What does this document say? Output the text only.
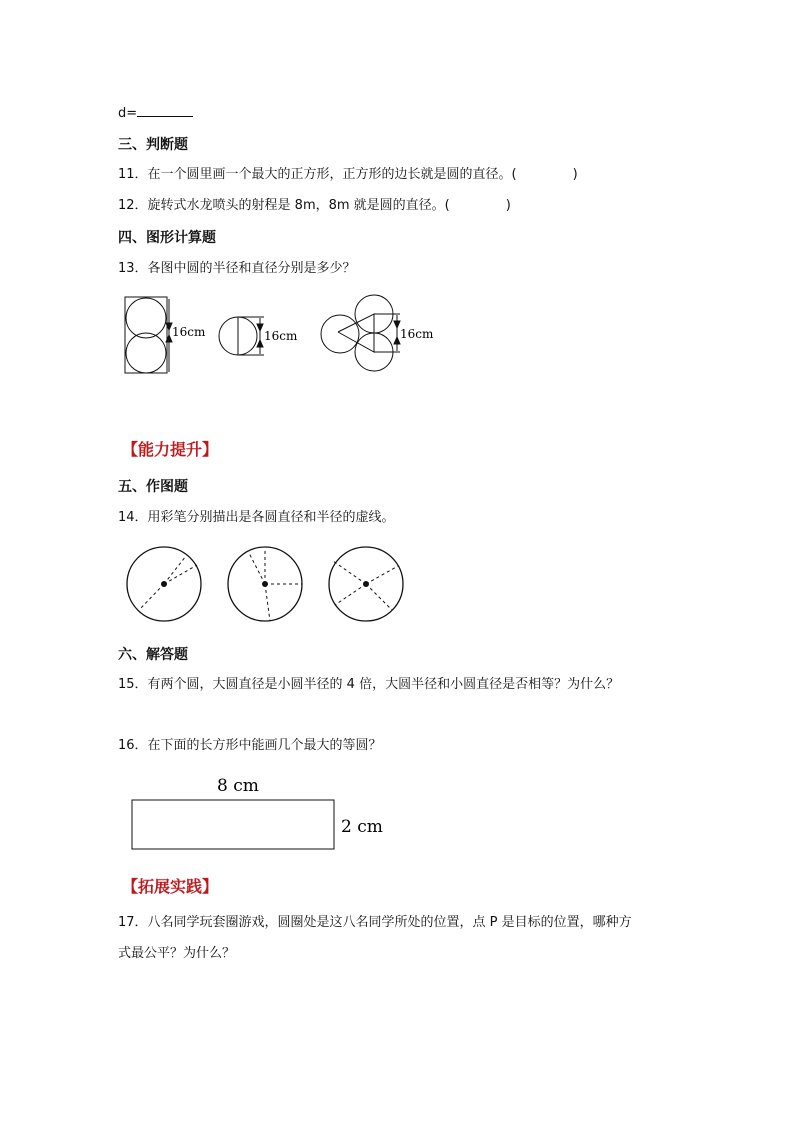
d=
三、判断题
11．在一个圆里画一个最大的正方形，正方形的边长就是圆的直径。(	)
12．旋转式水龙喷头的射程是 8m，8m 就是圆的直径。(	)
四、图形计算题
13．各图中圆的半径和直径分别是多少？
16cm	16cm	16cm
【能力提升】
五、作图题
14．用彩笔分别描出是各圆直径和半径的虚线。
六、解答题
15．有两个圆，大圆直径是小圆半径的 4 倍，大圆半径和小圆直径是否相等？为什么？
16．在下面的长方形中能画几个最大的等圆？
8 cm
2 cm
【拓展实践】
17．八名同学玩套圈游戏，圆圈处是这八名同学所处的位置，点 P 是目标的位置，哪种方
式最公平？为什么？
